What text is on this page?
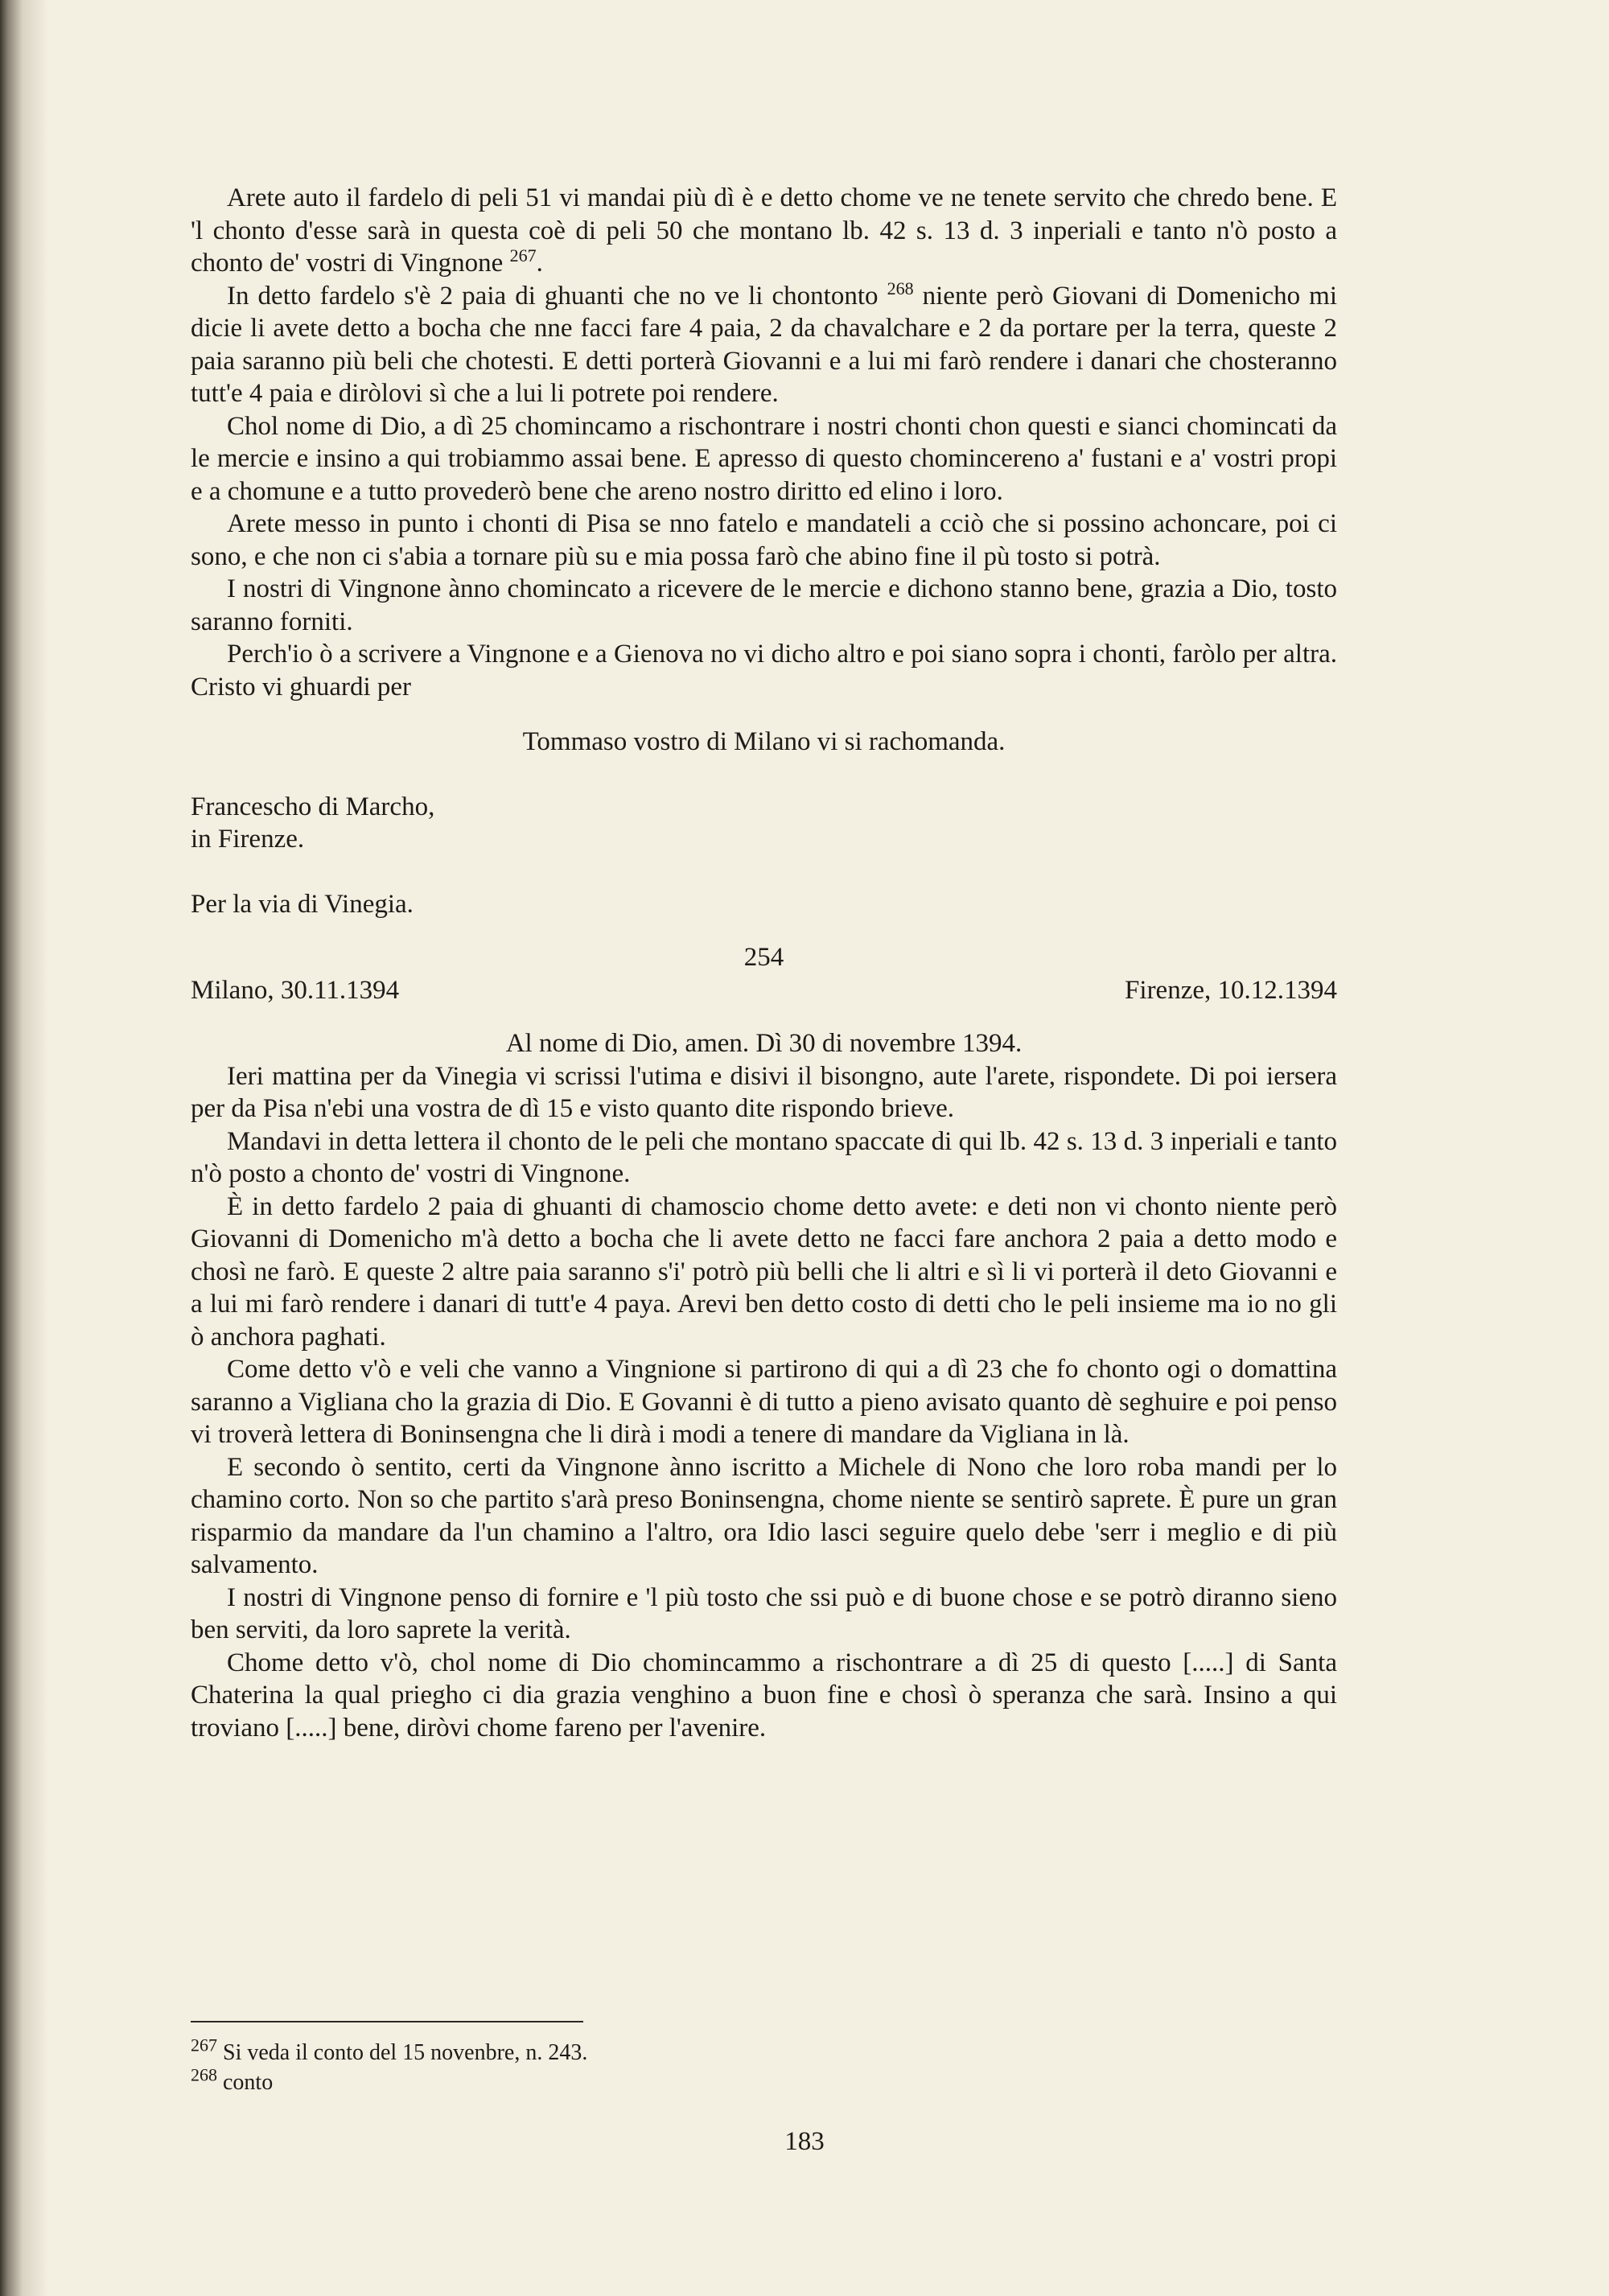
Arete auto il fardelo di peli 51 vi mandai più dì è e detto chome ve ne tenete servito che chredo bene. E 'l chonto d'esse sarà in questa coè di peli 50 che montano lb. 42 s. 13 d. 3 inperiali e tanto n'ò posto a chonto de' vostri di Vingnone $^{267}$.

In detto fardelo s'è 2 paia di ghuanti che no ve li chontonto $^{268}$ niente però Giovani di Domenicho mi dicie li avete detto a bocha che nne facci fare 4 paia, 2 da chavalchare e 2 da portare per la terra, queste 2 paia saranno più beli che chotesti. E detti porterà Giovanni e a lui mi farò rendere i danari che chosteranno tutt'e 4 paia e diròlovi sì che a lui li potrete poi rendere.

Chol nome di Dio, a dì 25 chomincamo a rischontrare i nostri chonti chon questi e sianci chomincati da le mercie e insino a qui trobiammo assai bene. E apresso di questo chomincereno a' fustani e a' vostri propi e a chomune e a tutto provederò bene che areno nostro diritto ed elino i loro.

Arete messo in punto i chonti di Pisa se nno fatelo e mandateli a cciò che si possino achoncare, poi ci sono, e che non ci s'abia a tornare più su e mia possa farò che abino fine il pù tosto si potrà.

I nostri di Vingnone ànno chomincato a ricevere de le mercie e dichono stanno bene, grazia a Dio, tosto saranno forniti.

Perch'io ò a scrivere a Vingnone e a Gienova no vi dicho altro e poi siano sopra i chonti, faròlo per altra. Cristo vi ghuardi per

Tommaso vostro di Milano vi si rachomanda.

Francescho di Marcho,

in Firenze.

Per la via di Vinegia.

254

Milano, 30.11.1394	Firenze, 10.12.1394

Al nome di Dio, amen. Dì 30 di novembre 1394.

Ieri mattina per da Vinegia vi scrissi l'utima e disivi il bisongno, aute l'arete, rispondete. Di poi iersera per da Pisa n'ebi una vostra de dì 15 e visto quanto dite rispondo brieve.

Mandavi in detta lettera il chonto de le peli che montano spaccate di qui lb. 42 s. 13 d. 3 inperiali e tanto n'ò posto a chonto de' vostri di Vingnone.

È in detto fardelo 2 paia di ghuanti di chamoscio chome detto avete: e deti non vi chonto niente però Giovanni di Domenicho m'à detto a bocha che li avete detto ne facci fare anchora 2 paia a detto modo e chosì ne farò. E queste 2 altre paia saranno s'i' potrò più belli che li altri e sì li vi porterà il deto Giovanni e a lui mi farò rendere i danari di tutt'e 4 paya. Arevi ben detto costo di detti cho le peli insieme ma io no gli ò anchora paghati.

Come detto v'ò e veli che vanno a Vingnione si partirono di qui a dì 23 che fo chonto ogi o domattina saranno a Vigliana cho la grazia di Dio. E Govanni è di tutto a pieno avisato quanto dè seghuire e poi penso vi troverà lettera di Boninsengna che li dirà i modi a tenere di mandare da Vigliana in là.

E secondo ò sentito, certi da Vingnone ànno iscritto a Michele di Nono che loro roba mandi per lo chamino corto. Non so che partito s'arà preso Boninsengna, chome niente se sentirò saprete. È pure un gran risparmio da mandare da l'un chamino a l'altro, ora Idio lasci seguire quelo debe 'serr i meglio e di più salvamento.

I nostri di Vingnone penso di fornire e 'l più tosto che ssi può e di buone chose e se potrò diranno sieno ben serviti, da loro saprete la verità.

Chome detto v'ò, chol nome di Dio chomincammo a rischontrare a dì 25 di questo [.....] di Santa Chaterina la qual priegho ci dia grazia venghino a buon fine e chosì ò speranza che sarà. Insino a qui troviano [.....] bene, diròvi chome fareno per l'avenire.

$^{267}$ Si veda il conto del 15 novenbre, n. 243.

$^{268}$ conto

183
